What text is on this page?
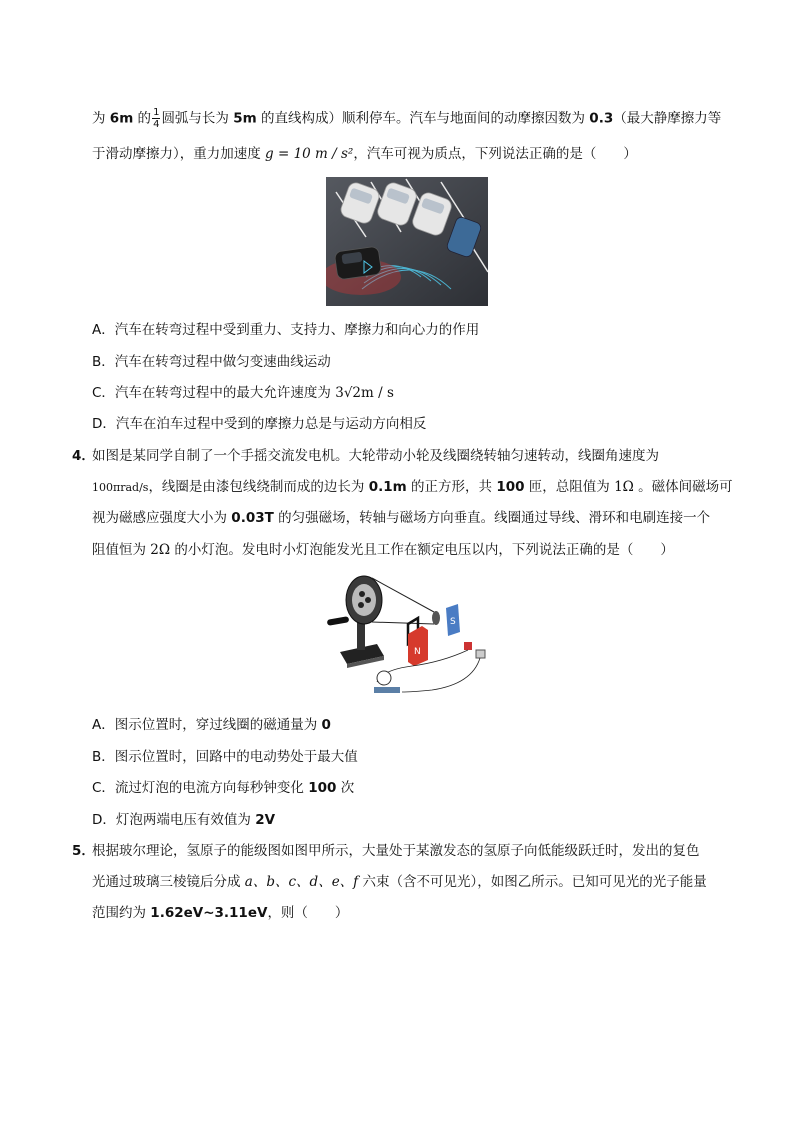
为 6m 的 $\frac{1}{4}$ 圆弧与长为 5m 的直线构成）顺利停车。汽车与地面间的动摩擦因数为 0.3（最大静摩擦力等
于滑动摩擦力），重力加速度 g = 10 m / s²，汽车可视为质点，下列说法正确的是（　　）
A．汽车在转弯过程中受到重力、支持力、摩擦力和向心力的作用
B．汽车在转弯过程中做匀变速曲线运动
C．汽车在转弯过程中的最大允许速度为 3√2m / s
D．汽车在泊车过程中受到的摩擦力总是与运动方向相反
4．
如图是某同学自制了一个手摇交流发电机。大轮带动小轮及线圈绕转轴匀速转动，线圈角速度为
100πrad/s，线圈是由漆包线绕制而成的边长为 0.1m 的正方形，共 100 匝，总阻值为 1Ω 。磁体间磁场可
视为磁感应强度大小为 0.03T 的匀强磁场，转轴与磁场方向垂直。线圈通过导线、滑环和电刷连接一个
阻值恒为 2Ω 的小灯泡。发电时小灯泡能发光且工作在额定电压以内，下列说法正确的是（　　）
N
S
A．图示位置时，穿过线圈的磁通量为 0
B．图示位置时，回路中的电动势处于最大值
C．流过灯泡的电流方向每秒钟变化 100 次
D．灯泡两端电压有效值为 2V
5．
根据玻尔理论，氢原子的能级图如图甲所示，大量处于某激发态的氢原子向低能级跃迁时，发出的复色
光通过玻璃三棱镜后分成 a、b、c、d、e、f 六束（含不可见光），如图乙所示。已知可见光的光子能量
范围约为 1.62eV~3.11eV，则（　　）
